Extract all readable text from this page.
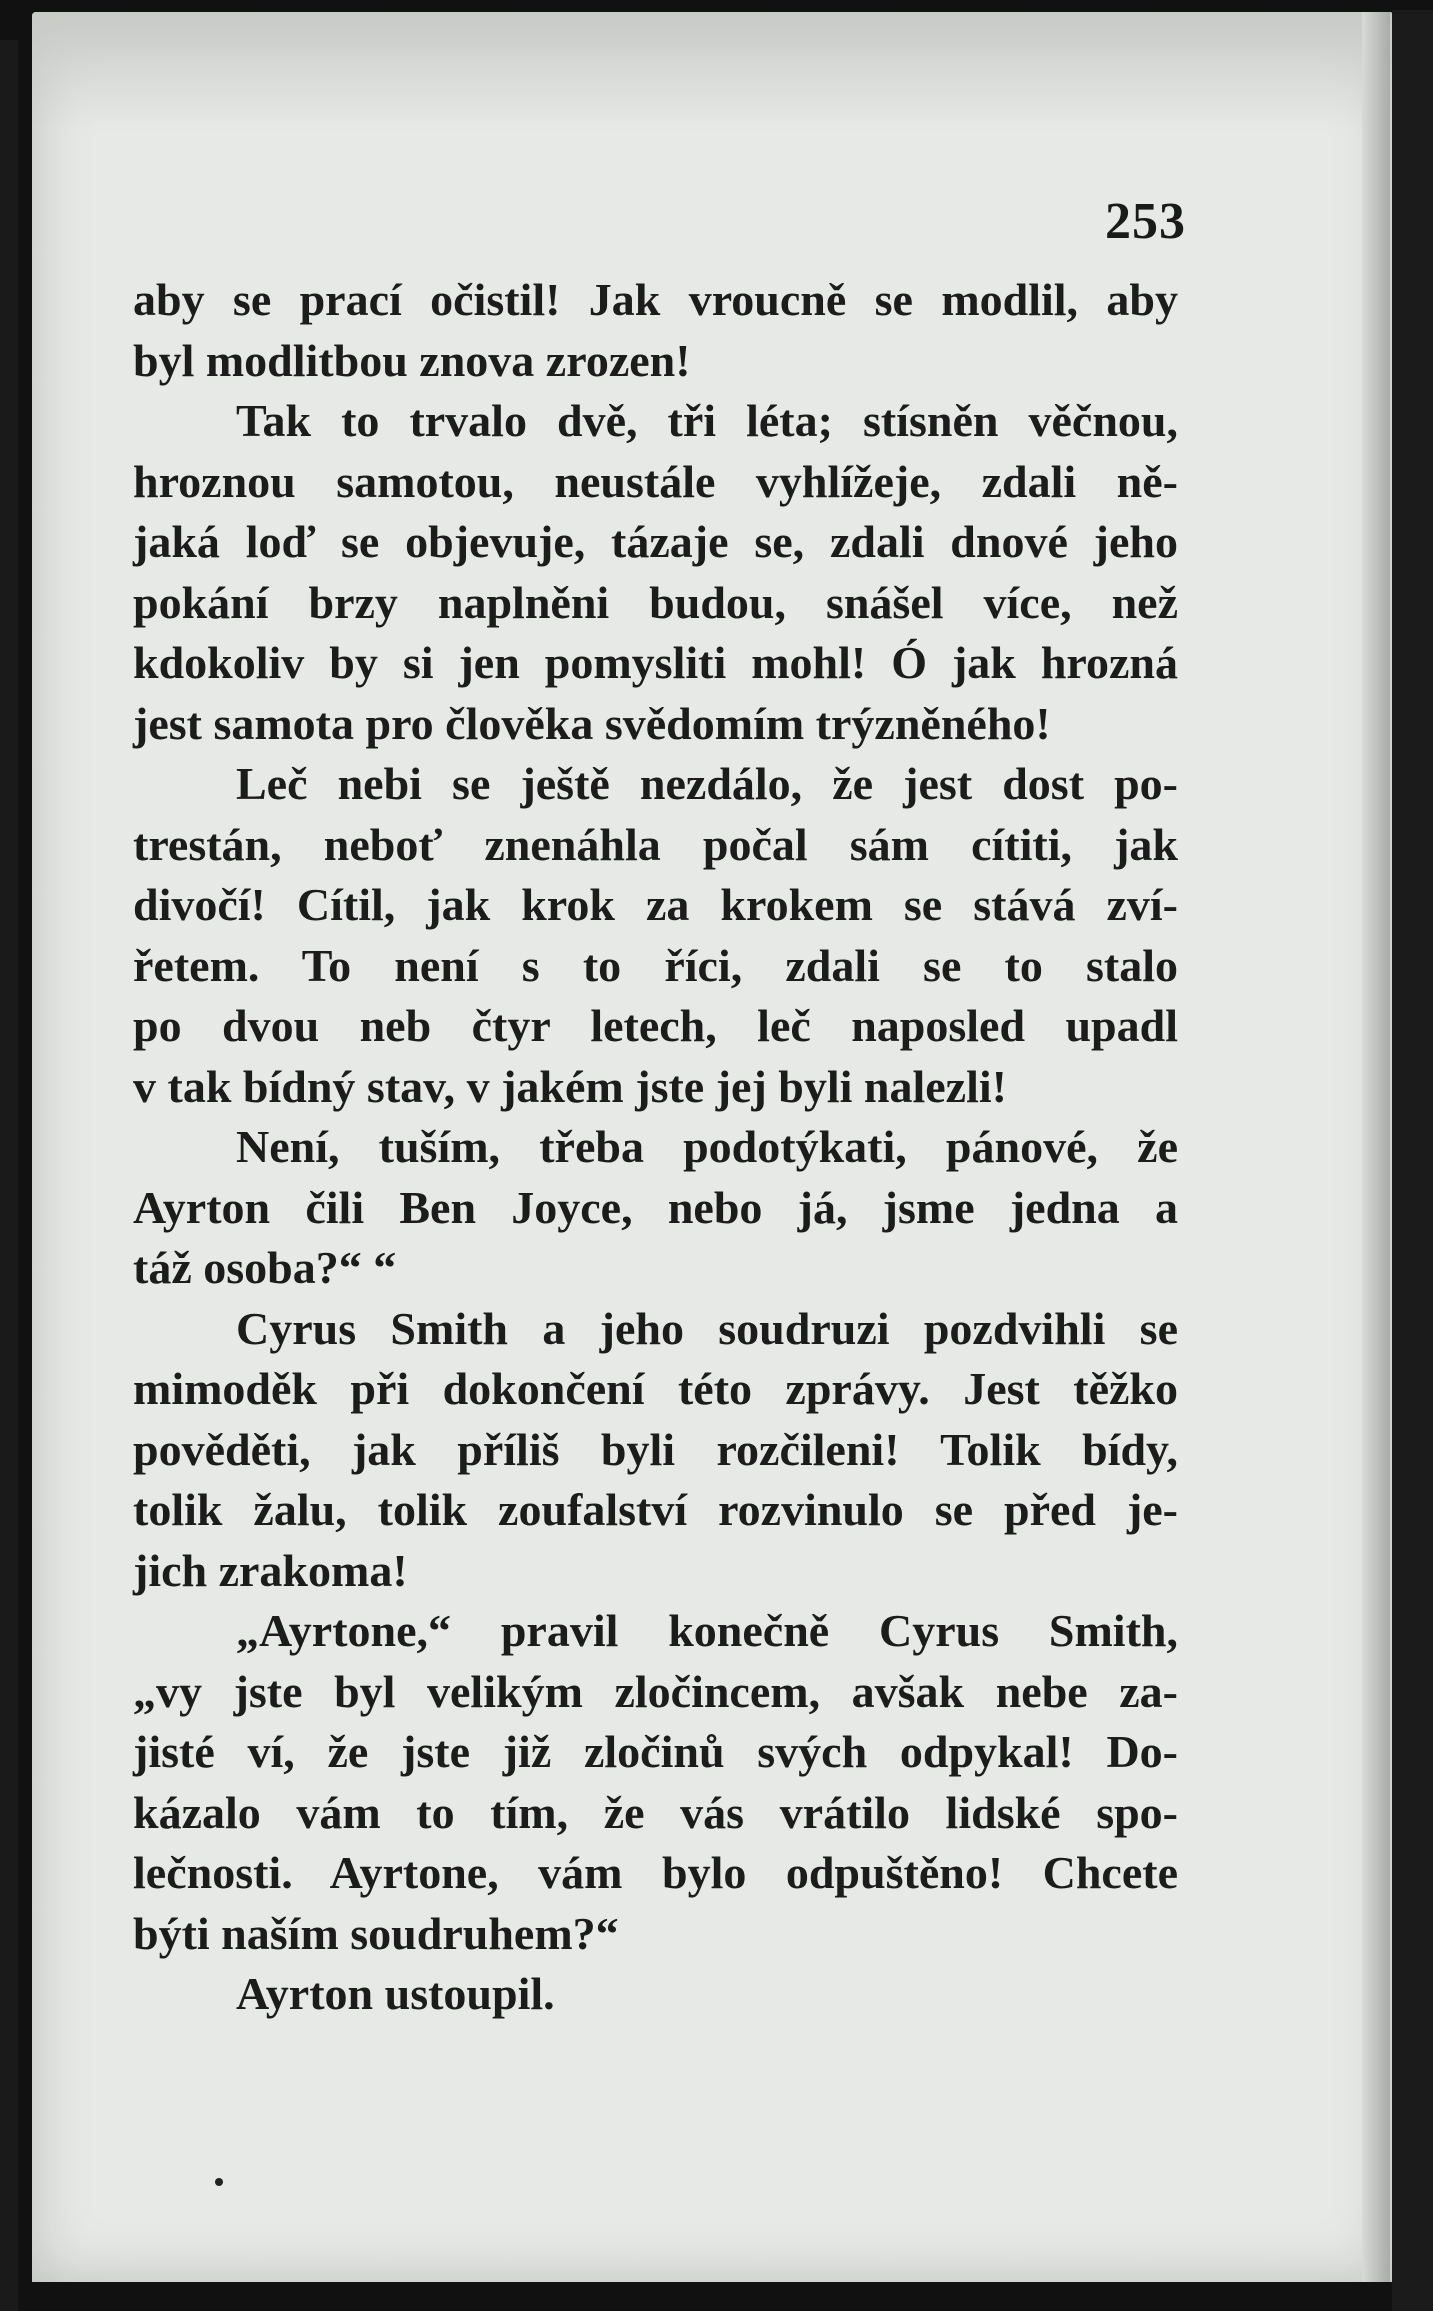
253
aby se prací očistil! Jak vroucně se modlil, aby
byl modlitbou znova zrozen!
Tak to trvalo dvě, tři léta; stísněn věčnou,
hroznou samotou, neustále vyhlížeje, zdali ně-
jaká loď se objevuje, tázaje se, zdali dnové jeho
pokání brzy naplněni budou, snášel více, než
kdokoliv by si jen pomysliti mohl! Ó jak hrozná
jest samota pro člověka svědomím trýzněného!
Leč nebi se ještě nezdálo, že jest dost po-
trestán, neboť znenáhla počal sám cítiti, jak
divočí! Cítil, jak krok za krokem se stává zví-
řetem. To není s to říci, zdali se to stalo
po dvou neb čtyr letech, leč naposled upadl
v tak bídný stav, v jakém jste jej byli nalezli!
Není, tuším, třeba podotýkati, pánové, že
Ayrton čili Ben Joyce, nebo já, jsme jedna a
táž osoba?“ “
Cyrus Smith a jeho soudruzi pozdvihli se
mimoděk při dokončení této zprávy. Jest těžko
pověděti, jak příliš byli rozčileni! Tolik bídy,
tolik žalu, tolik zoufalství rozvinulo se před je-
jich zrakoma!
„Ayrtone,“ pravil konečně Cyrus Smith,
„vy jste byl velikým zločincem, avšak nebe za-
jisté ví, že jste již zločinů svých odpykal! Do-
kázalo vám to tím, že vás vrátilo lidské spo-
lečnosti. Ayrtone, vám bylo odpuštěno! Chcete
býti naším soudruhem?“
Ayrton ustoupil.
